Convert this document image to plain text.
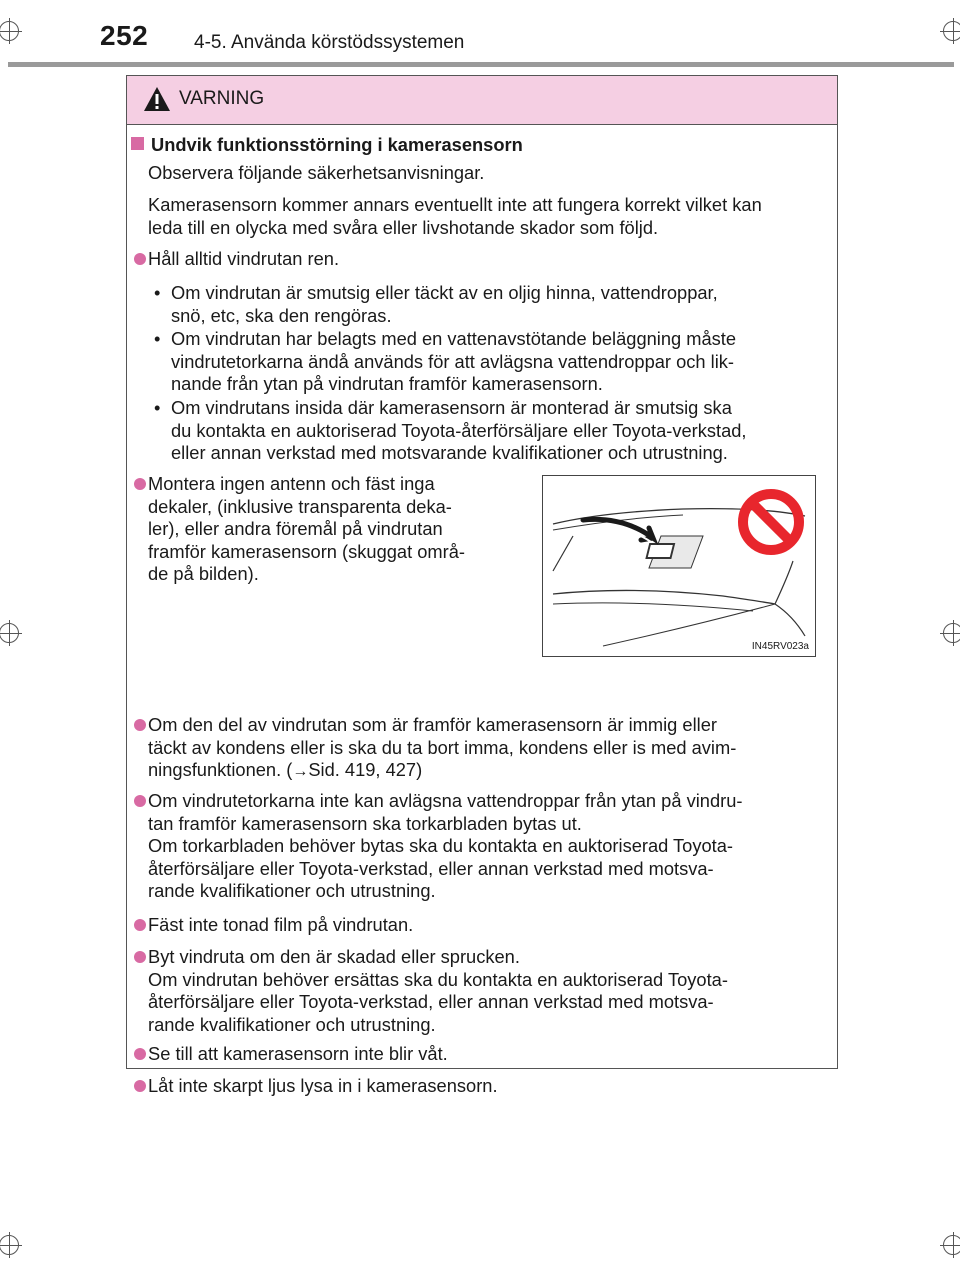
252 4-5. Använda körstödssystemen
VARNING
Undvik funktionsstörning i kamerasensorn
Observera följande säkerhetsanvisningar.
Kamerasensorn kommer annars eventuellt inte att fungera korrekt vilket kan
leda till en olycka med svåra eller livshotande skador som följd.
Håll alltid vindrutan ren.
• Om vindrutan är smutsig eller täckt av en oljig hinna, vattendroppar,
snö, etc, ska den rengöras.
• Om vindrutan har belagts med en vattenavstötande beläggning måste
vindrutetorkarna ändå används för att avlägsna vattendroppar och lik-
nande från ytan på vindrutan framför kamerasensorn.
• Om vindrutans insida där kamerasensorn är monterad är smutsig ska
du kontakta en auktoriserad Toyota-återförsäljare eller Toyota-verkstad,
eller annan verkstad med motsvarande kvalifikationer och utrustning.
Montera ingen antenn och fäst inga
dekaler, (inklusive transparenta deka-
ler), eller andra föremål på vindrutan
framför kamerasensorn (skuggat områ-
de på bilden).
Om den del av vindrutan som är framför kamerasensorn är immig eller
täckt av kondens eller is ska du ta bort imma, kondens eller is med avim-
ningsfunktionen. (→Sid. 419, 427)
Om vindrutetorkarna inte kan avlägsna vattendroppar från ytan på vindru-
tan framför kamerasensorn ska torkarbladen bytas ut.
Om torkarbladen behöver bytas ska du kontakta en auktoriserad Toyota-
återförsäljare eller Toyota-verkstad, eller annan verkstad med motsva-
rande kvalifikationer och utrustning.
Fäst inte tonad film på vindrutan.
Byt vindruta om den är skadad eller sprucken.
Om vindrutan behöver ersättas ska du kontakta en auktoriserad Toyota-
återförsäljare eller Toyota-verkstad, eller annan verkstad med motsva-
rande kvalifikationer och utrustning.
Se till att kamerasensorn inte blir våt.
Låt inte skarpt ljus lysa in i kamerasensorn.
IN45RV023a
